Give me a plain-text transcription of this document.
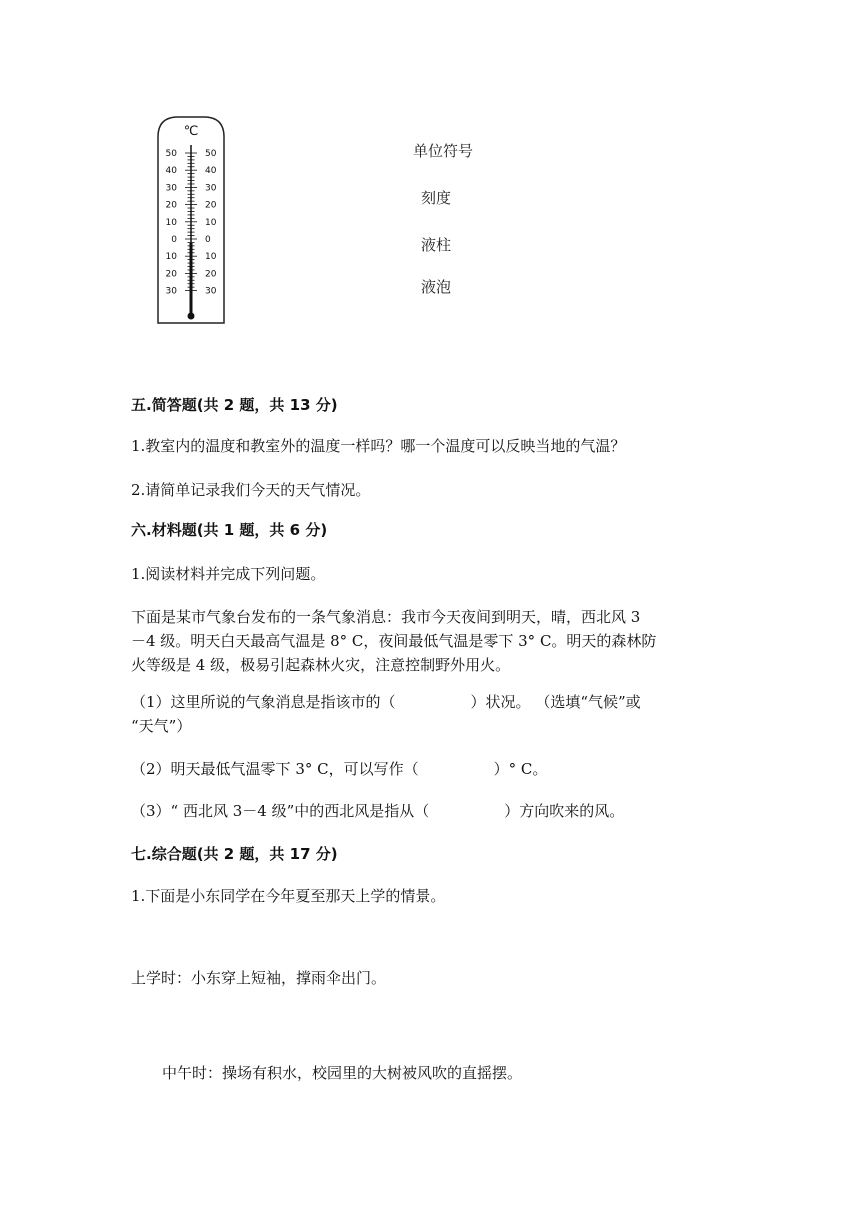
℃
50
40
30
20
10
0
10
20
30
50
40
30
20
10
0
10
20
30
单位符号
刻度
液柱
液泡
五.简答题(共 2 题，共 13 分)
1.教室内的温度和教室外的温度一样吗？哪一个温度可以反映当地的气温？
2.请简单记录我们今天的天气情况。
六.材料题(共 1 题，共 6 分)
1.阅读材料并完成下列问题。
下面是某市气象台发布的一条气象消息：我市今天夜间到明天，晴，西北风 3
－4 级。明天白天最高气温是 8° C，夜间最低气温是零下 3° C。明天的森林防
火等级是 4 级，极易引起森林火灾，注意控制野外用火。
（1）这里所说的气象消息是指该市的（　　　　　）状况。 （选填“气候”或
“天气”）
（2）明天最低气温零下 3° C，可以写作（　　　　　）° C。
（3）“ 西北风 3－4 级”中的西北风是指从（　　　　　）方向吹来的风。
七.综合题(共 2 题，共 17 分)
1.下面是小东同学在今年夏至那天上学的情景。
上学时：小东穿上短袖，撑雨伞出门。
中午时：操场有积水，校园里的大树被风吹的直摇摆。
